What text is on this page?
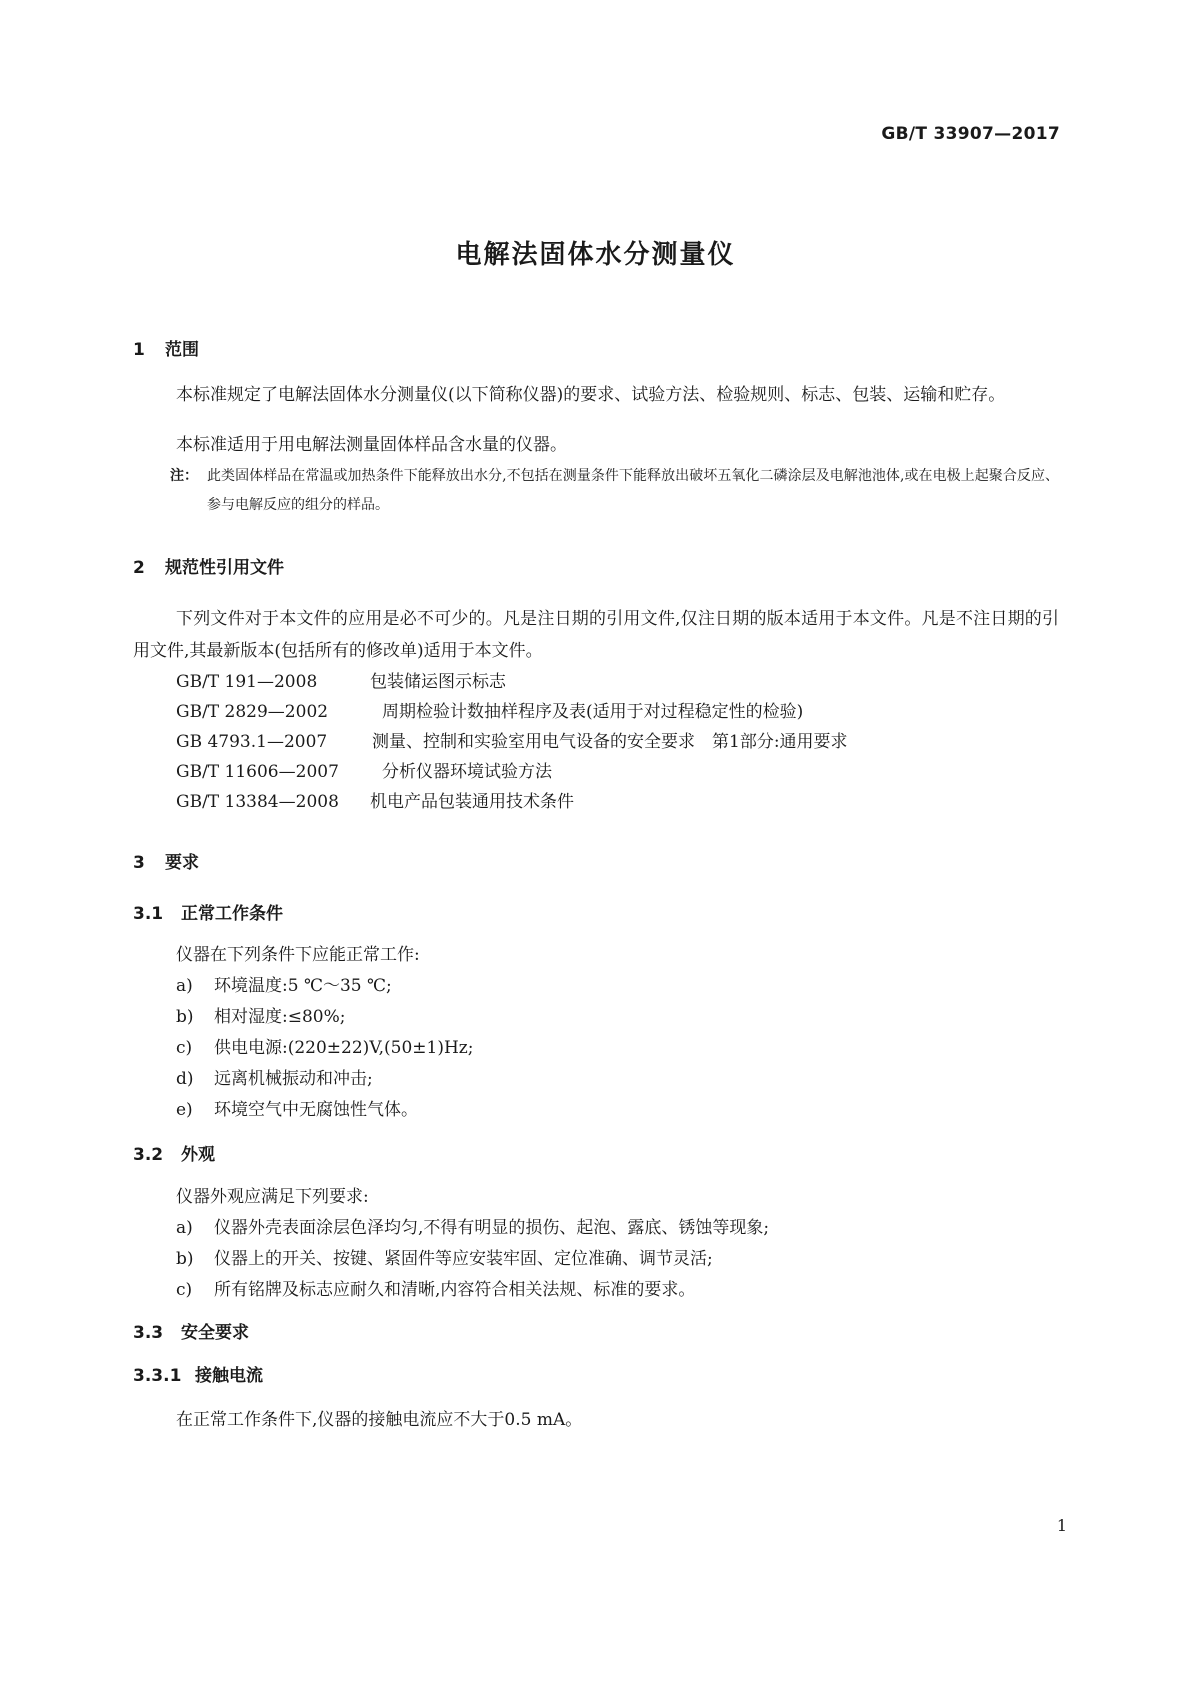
GB/T 33907—2017
电解法固体水分测量仪
1 范围
本标准规定了电解法固体水分测量仪(以下简称仪器)的要求、试验方法、检验规则、标志、包装、运输和贮存。
本标准适用于用电解法测量固体样品含水量的仪器。
注： 此类固体样品在常温或加热条件下能释放出水分,不包括在测量条件下能释放出破坏五氧化二磷涂层及电解池池体,或在电极上起聚合反应、参与电解反应的组分的样品。
2 规范性引用文件
下列文件对于本文件的应用是必不可少的。凡是注日期的引用文件,仅注日期的版本适用于本文件。凡是不注日期的引用文件,其最新版本(包括所有的修改单)适用于本文件。
GB/T 191—2008	包装储运图示标志
GB/T 2829—2002	周期检验计数抽样程序及表(适用于对过程稳定性的检验)
GB 4793.1—2007	测量、控制和实验室用电气设备的安全要求　第1部分:通用要求
GB/T 11606—2007	分析仪器环境试验方法
GB/T 13384—2008 机电产品包装通用技术条件
3 要求
3.1 正常工作条件
仪器在下列条件下应能正常工作:
a) 环境温度:5 ℃～35 ℃;
b) 相对湿度:≤80%;
c) 供电电源:(220±22)V,(50±1)Hz;
d) 远离机械振动和冲击;
e) 环境空气中无腐蚀性气体。
3.2 外观
仪器外观应满足下列要求:
a) 仪器外壳表面涂层色泽均匀,不得有明显的损伤、起泡、露底、锈蚀等现象;
b) 仪器上的开关、按键、紧固件等应安装牢固、定位准确、调节灵活;
c) 所有铭牌及标志应耐久和清晰,内容符合相关法规、标准的要求。
3.3 安全要求
3.3.1 接触电流
在正常工作条件下,仪器的接触电流应不大于0.5 mA。
1
